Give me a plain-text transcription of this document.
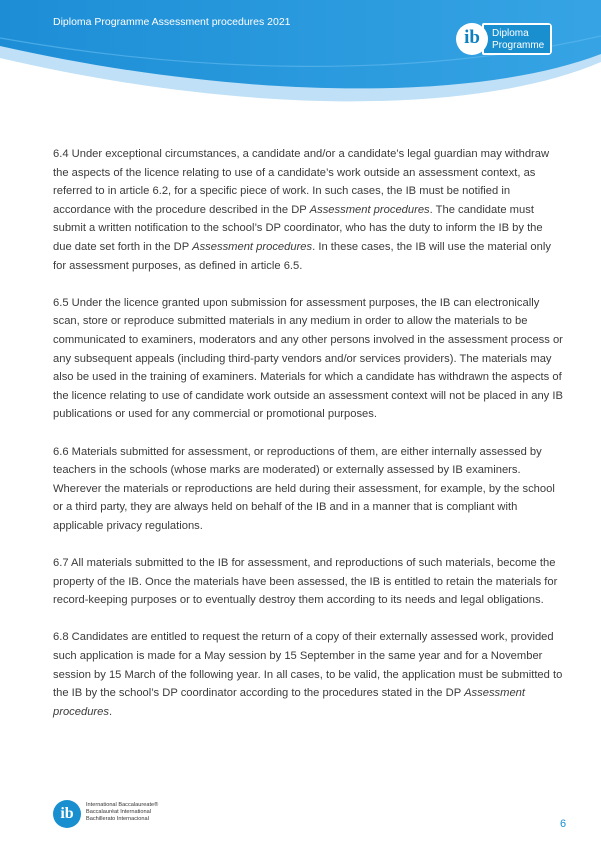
Diploma Programme Assessment procedures 2021
Diploma
Programme
ib

6.4 Under exceptional circumstances, a candidate and/or a candidate’s legal guardian may withdraw the aspects of the licence relating to use of a candidate’s work outside an assessment context, as referred to in article 6.2, for a specific piece of work. In such cases, the IB must be notified in accordance with the procedure described in the DP Assessment procedures. The candidate must submit a written notification to the school’s DP coordinator, who has the duty to inform the IB by the due date set forth in the DP Assessment procedures. In these cases, the IB will use the material only for assessment purposes, as defined in article 6.5.

6.5 Under the licence granted upon submission for assessment purposes, the IB can electronically scan, store or reproduce submitted materials in any medium in order to allow the materials to be communicated to examiners, moderators and any other persons involved in the assessment process or any subsequent appeals (including third-party vendors and/or services providers). The materials may also be used in the training of examiners. Materials for which a candidate has withdrawn the aspects of the licence relating to use of candidate work outside an assessment context will not be placed in any IB publications or used for any commercial or promotional purposes.

6.6 Materials submitted for assessment, or reproductions of them, are either internally assessed by teachers in the schools (whose marks are moderated) or externally assessed by IB examiners. Wherever the materials or reproductions are held during their assessment, for example, by the school or a third party, they are always held on behalf of the IB and in a manner that is compliant with applicable privacy regulations.

6.7 All materials submitted to the IB for assessment, and reproductions of such materials, become the property of the IB. Once the materials have been assessed, the IB is entitled to retain the materials for record-keeping purposes or to eventually destroy them according to its needs and legal obligations.

6.8 Candidates are entitled to request the return of a copy of their externally assessed work, provided such application is made for a May session by 15 September in the same year and for a November session by 15 March of the following year. In all cases, to be valid, the application must be submitted to the IB by the school’s DP coordinator according to the procedures stated in the DP Assessment procedures.

ib	International Baccalaureate®
Baccalauréat International
Bachillerato Internacional	6
